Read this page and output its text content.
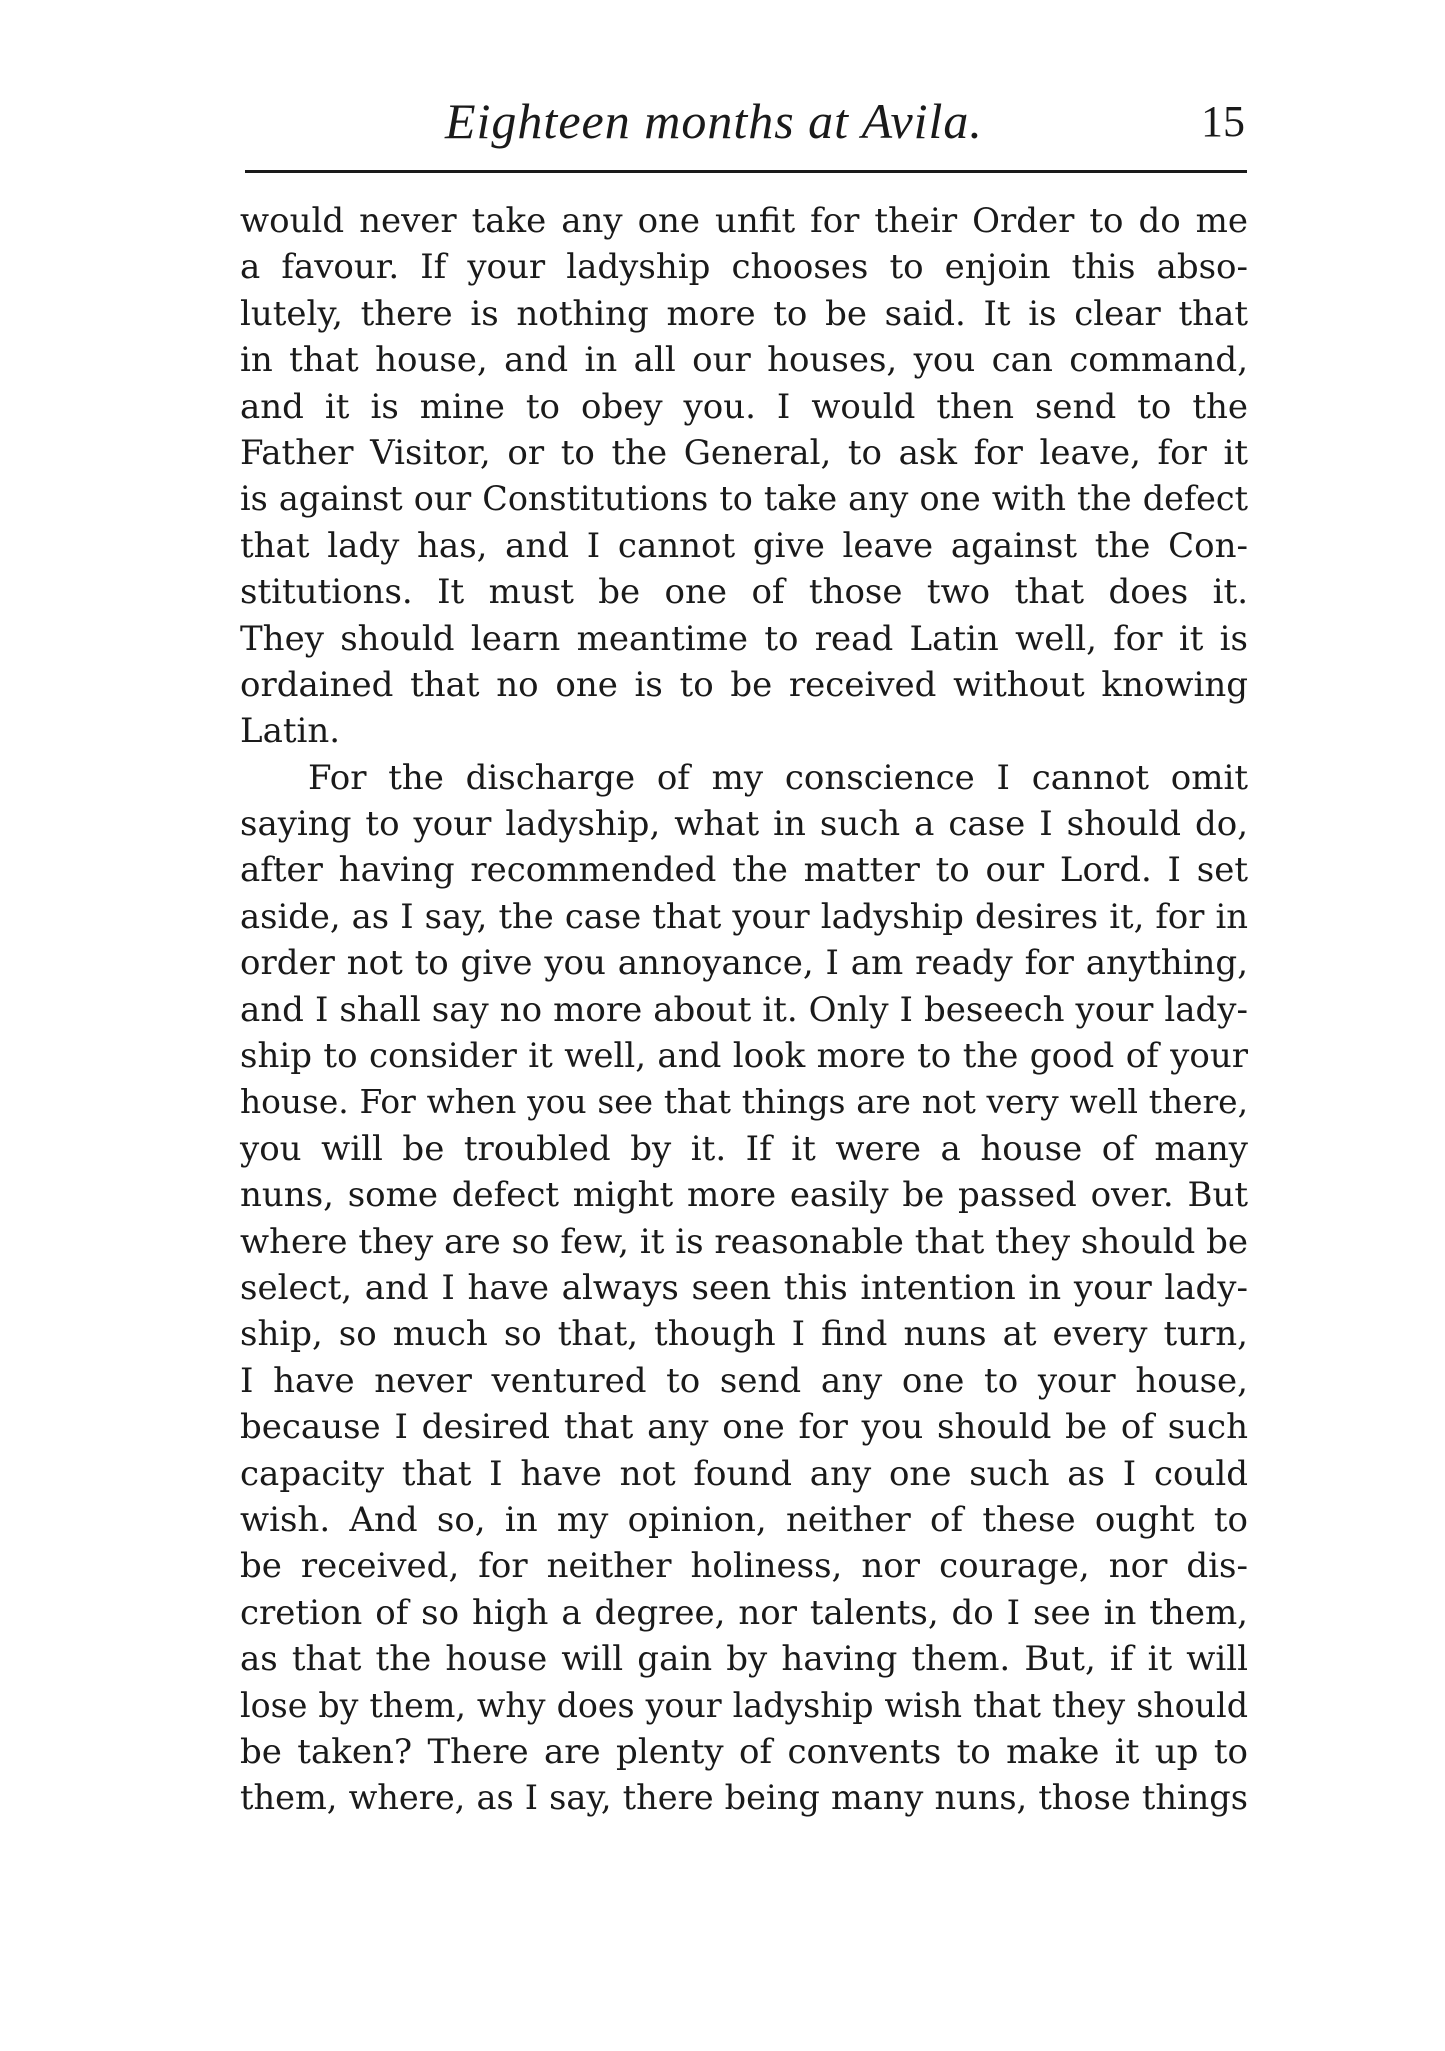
Eighteen months at Avila.	15
would never take any one unfit for their Order to do me
a favour. If your ladyship chooses to enjoin this abso-
lutely, there is nothing more to be said. It is clear that
in that house, and in all our houses, you can command,
and it is mine to obey you. I would then send to the
Father Visitor, or to the General, to ask for leave, for it
is against our Constitutions to take any one with the defect
that lady has, and I cannot give leave against the Con-
stitutions. It must be one of those two that does it.
They should learn meantime to read Latin well, for it is
ordained that no one is to be received without knowing
Latin.
For the discharge of my conscience I cannot omit
saying to your ladyship, what in such a case I should do,
after having recommended the matter to our Lord. I set
aside, as I say, the case that your ladyship desires it, for in
order not to give you annoyance, I am ready for anything,
and I shall say no more about it. Only I beseech your lady-
ship to consider it well, and look more to the good of your
house. For when you see that things are not very well there,
you will be troubled by it. If it were a house of many
nuns, some defect might more easily be passed over. But
where they are so few, it is reasonable that they should be
select, and I have always seen this intention in your lady-
ship, so much so that, though I find nuns at every turn,
I have never ventured to send any one to your house,
because I desired that any one for you should be of such
capacity that I have not found any one such as I could
wish. And so, in my opinion, neither of these ought to
be received, for neither holiness, nor courage, nor dis-
cretion of so high a degree, nor talents, do I see in them,
as that the house will gain by having them. But, if it will
lose by them, why does your ladyship wish that they should
be taken? There are plenty of convents to make it up to
them, where, as I say, there being many nuns, those things
